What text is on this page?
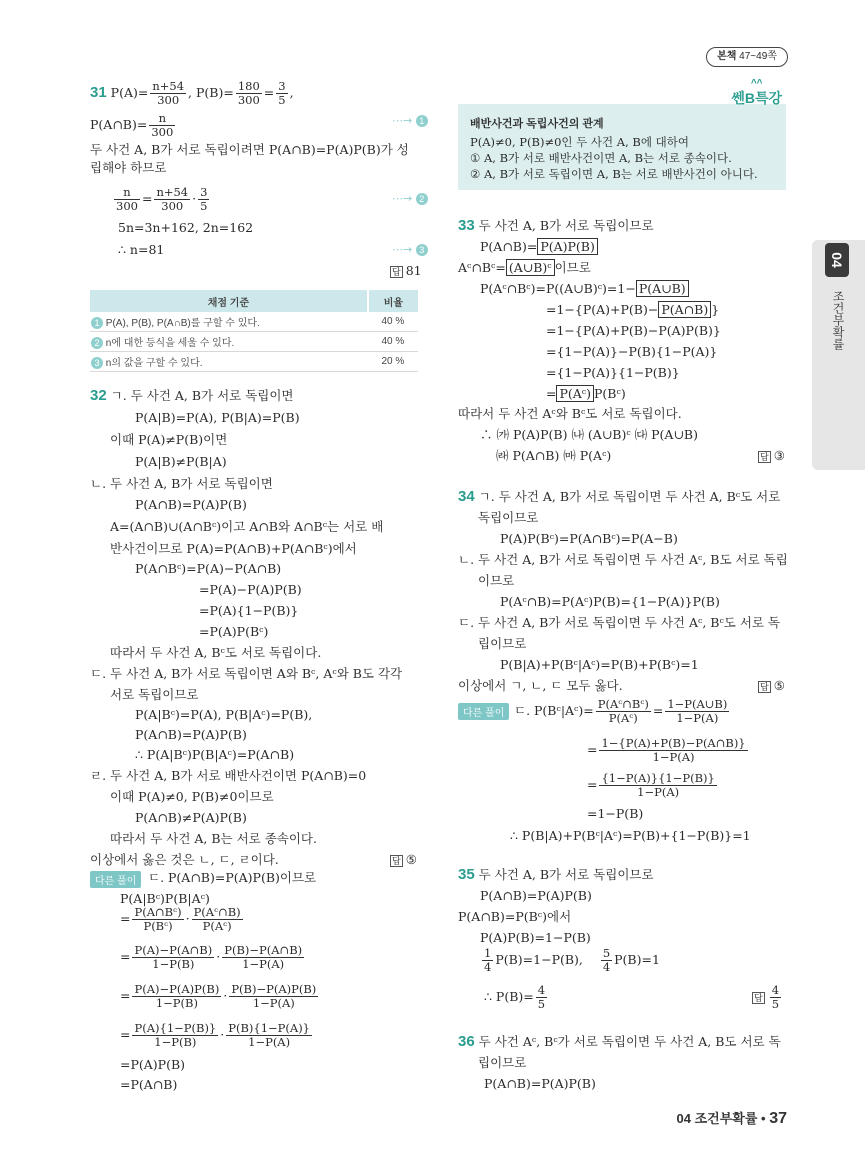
본책 47~49쪽
04
조건부확률
31 $P(A)= \frac{n+54}{300}$ , $P(B)= \frac{180}{300} = \frac{3}{5}$ ,
P(A∩B)= $\frac{n}{300}$	⋯→ 1
두 사건 A, B가 서로 독립이려면 P(A∩B)=P(A)P(B)가 성
립해야 하므로
$\frac{n}{300} = \frac{n+54}{300} \cdot \frac{3}{5}$	⋯→ 2
5n=3n+162, 2n=162
∴ n=81	⋯→ 3
답 81
채점 기준	비율
1 P(A), P(B), P(A∩B)를 구할 수 있다.	40 %
2 n에 대한 등식을 세울 수 있다.	40 %
3 n의 값을 구할 수 있다.	20 %
32 ㄱ. 두 사건 A, B가 서로 독립이면
P(A|B)=P(A), P(B|A)=P(B)
이때 P(A)≠P(B)이면
P(A|B)≠P(B|A)
ㄴ. 두 사건 A, B가 서로 독립이면
P(A∩B)=P(A)P(B)
A=(A∩B)∪(A∩Bᶜ)이고 A∩B와 A∩Bᶜ는 서로 배
반사건이므로 P(A)=P(A∩B)+P(A∩Bᶜ)에서
P(A∩Bᶜ)=P(A)−P(A∩B)
=P(A)−P(A)P(B)
=P(A){1−P(B)}
=P(A)P(Bᶜ)
따라서 두 사건 A, Bᶜ도 서로 독립이다.
ㄷ. 두 사건 A, B가 서로 독립이면 A와 Bᶜ, Aᶜ와 B도 각각
서로 독립이므로
P(A|Bᶜ)=P(A), P(B|Aᶜ)=P(B),
P(A∩B)=P(A)P(B)
∴ P(A|Bᶜ)P(B|Aᶜ)=P(A∩B)
ㄹ. 두 사건 A, B가 서로 배반사건이면 P(A∩B)=0
이때 P(A)≠0, P(B)≠0이므로
P(A∩B)≠P(A)P(B)
따라서 두 사건 A, B는 서로 종속이다.
이상에서 옳은 것은 ㄴ, ㄷ, ㄹ이다.	답 ⑤
다른 풀이 ㄷ. P(A∩B)=P(A)P(B)이므로
P(A|Bᶜ)P(B|Aᶜ)
= $\frac{\text{P(A∩Bᶜ)}}{\text{P(Bᶜ)}} \cdot \frac{\text{P(Aᶜ∩B)}}{\text{P(Aᶜ)}}$
= $\frac{P(A)-P(A\cap B)}{1-P(B)} \cdot \frac{P(B)-P(A\cap B)}{1-P(A)}$
= $\frac{P(A)-P(A)P(B)}{1-P(B)} \cdot \frac{P(B)-P(A)P(B)}{1-P(A)}$
= $\frac{P(A)\{1-P(B)\}}{1-P(B)} \cdot \frac{P(B)\{1-P(A)\}}{1-P(A)}$
=P(A)P(B)
=P(A∩B)
^^
쎈B특강
배반사건과 독립사건의 관계
P(A)≠0, P(B)≠0인 두 사건 A, B에 대하여
① A, B가 서로 배반사건이면 A, B는 서로 종속이다.
② A, B가 서로 독립이면 A, B는 서로 배반사건이 아니다.
33 두 사건 A, B가 서로 독립이므로
P(A∩B)= P(A)P(B)
Aᶜ∩Bᶜ= (A∪B)ᶜ 이므로
P(Aᶜ∩Bᶜ)=P((A∪B)ᶜ)=1− P(A∪B)
=1−{P(A)+P(B)− P(A∩B) }
=1−{P(A)+P(B)−P(A)P(B)}
={1−P(A)}−P(B){1−P(A)}
={1−P(A)}{1−P(B)}
= P(Aᶜ) P(Bᶜ)
따라서 두 사건 Aᶜ와 Bᶜ도 서로 독립이다.
∴ ㈎ P(A)P(B) ㈏ (A∪B)ᶜ ㈐ P(A∪B)
㈑ P(A∩B) ㈒ P(Aᶜ)	답 ③
34 ㄱ. 두 사건 A, B가 서로 독립이면 두 사건 A, Bᶜ도 서로
독립이므로
P(A)P(Bᶜ)=P(A∩Bᶜ)=P(A−B)
ㄴ. 두 사건 A, B가 서로 독립이면 두 사건 Aᶜ, B도 서로 독립
이므로
P(Aᶜ∩B)=P(Aᶜ)P(B)={1−P(A)}P(B)
ㄷ. 두 사건 A, B가 서로 독립이면 두 사건 Aᶜ, Bᶜ도 서로 독
립이므로
P(B|A)+P(Bᶜ|Aᶜ)=P(B)+P(Bᶜ)=1
이상에서 ㄱ, ㄴ, ㄷ 모두 옳다.	답 ⑤
다른 풀이 ㄷ. P(Bᶜ|Aᶜ)= $\frac{\text{P(Aᶜ∩Bᶜ)}}{\text{P(Aᶜ)}} = \frac{1-P(A\cup B)}{1-P(A)}$
= $\frac{1-\{P(A)+P(B)-P(A\cap B)\}}{1-P(A)}$
= $\frac{\{1-P(A)\}\{1-P(B)\}}{1-P(A)}$
=1−P(B)
∴ P(B|A)+P(Bᶜ|Aᶜ)=P(B)+{1−P(B)}=1
35 두 사건 A, B가 서로 독립이므로
P(A∩B)=P(A)P(B)
P(A∩B)=P(Bᶜ)에서
P(A)P(B)=1−P(B)
$\frac{1}{4} P(B)=1-P(B)$, $\frac{5}{4} P(B)=1$
∴ $P(B)= \frac{4}{5}$	답 $\frac{4}{5}$
36 두 사건 Aᶜ, Bᶜ가 서로 독립이면 두 사건 A, B도 서로 독
립이므로
P(A∩B)=P(A)P(B)
04 조건부확률 • 37
